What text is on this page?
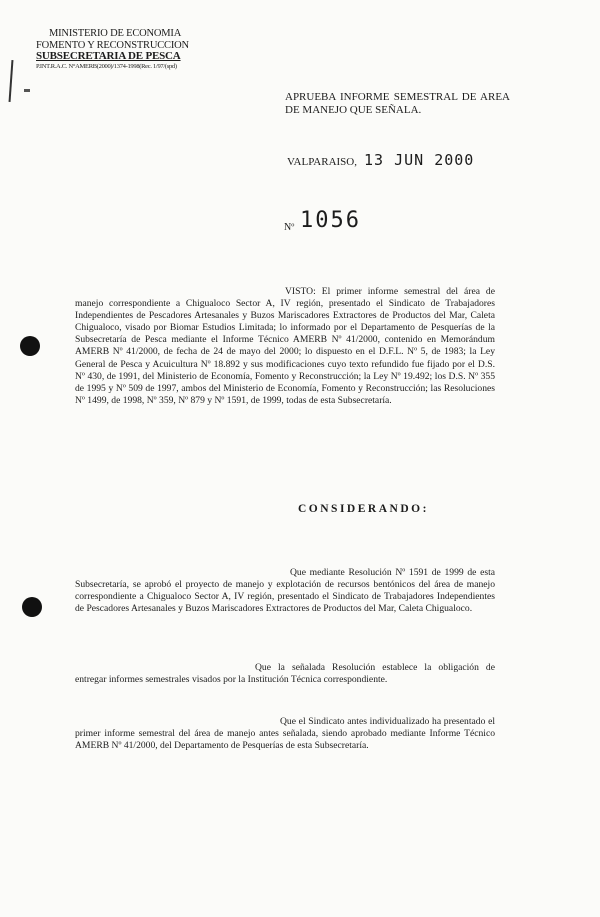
MINISTERIO DE ECONOMIA
FOMENTO Y RECONSTRUCCION
SUBSECRETARIA DE PESCA
P.INT.R.A.C. N°AMERB(2000)/1374-1998(Rec. 1/97/(spd)
APRUEBA INFORME SEMESTRAL DE AREA DE MANEJO QUE SEÑALA.
VALPARAISO, 13 JUN 2000
Nº 1056
VISTO: El primer informe semestral del área de manejo correspondiente a Chigualoco Sector A, IV región, presentado el Sindicato de Trabajadores Independientes de Pescadores Artesanales y Buzos Mariscadores Extractores de Productos del Mar, Caleta Chigualoco, visado por Biomar Estudios Limitada; lo informado por el Departamento de Pesquerías de la Subsecretaría de Pesca mediante el Informe Técnico AMERB Nº 41/2000, contenido en Memorándum AMERB Nº 41/2000, de fecha de 24 de mayo del 2000; lo dispuesto en el D.F.L. Nº 5, de 1983; la Ley General de Pesca y Acuicultura Nº 18.892 y sus modificaciones cuyo texto refundido fue fijado por el D.S. Nº 430, de 1991, del Ministerio de Economía, Fomento y Reconstrucción; la Ley Nº 19.492; los D.S. Nº 355 de 1995 y Nº 509 de 1997, ambos del Ministerio de Economía, Fomento y Reconstrucción; las Resoluciones Nº 1499, de 1998, Nº 359, Nº 879 y Nº 1591, de 1999, todas de esta Subsecretaría.
CONSIDERANDO:
Que mediante Resolución Nº 1591 de 1999 de esta Subsecretaría, se aprobó el proyecto de manejo y explotación de recursos bentónicos del área de manejo correspondiente a Chigualoco Sector A, IV región, presentado el Sindicato de Trabajadores Independientes de Pescadores Artesanales y Buzos Mariscadores Extractores de Productos del Mar, Caleta Chigualoco.
Que la señalada Resolución establece la obligación de entregar informes semestrales visados por la Institución Técnica correspondiente.
Que el Sindicato antes individualizado ha presentado el primer informe semestral del área de manejo antes señalada, siendo aprobado mediante Informe Técnico AMERB Nº 41/2000, del Departamento de Pesquerías de esta Subsecretaría.
